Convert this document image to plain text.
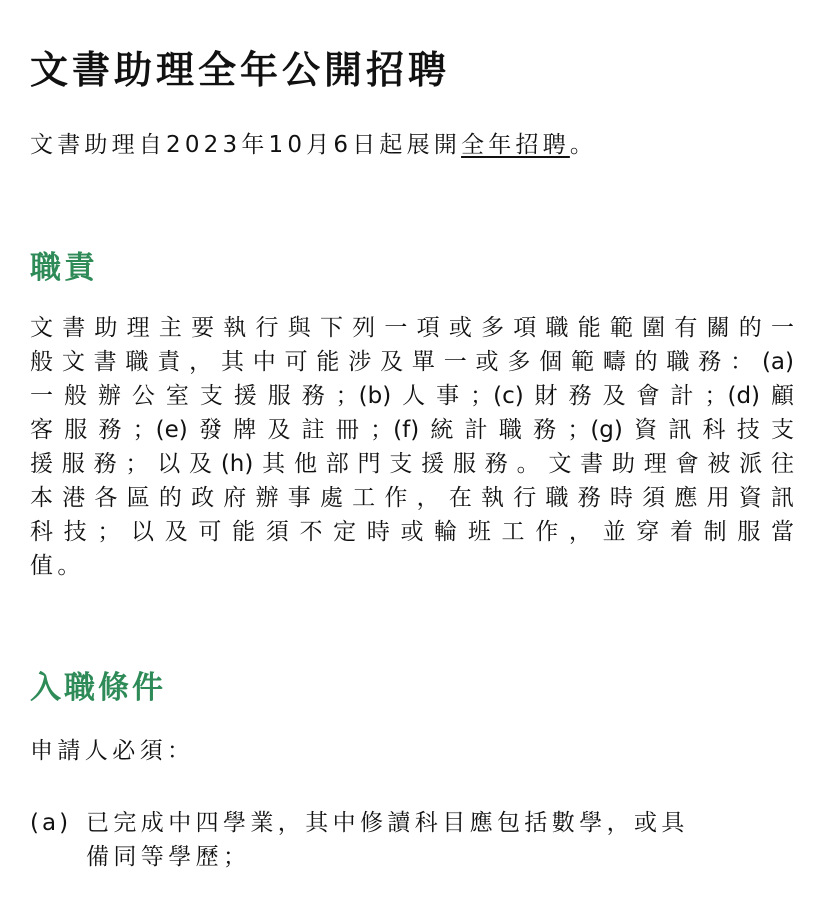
文書助理全年公開招聘

文書助理自2023年10月6日起展開全年招聘。

職責
文書助理主要執行與下列一項或多項職能範圍有關的一
般文書職責，其中可能涉及單一或多個範疇的職務：(a)
一般辦公室支援服務；(b)人事；(c)財務及會計；(d)顧
客服務；(e)發牌及註冊；(f)統計職務；(g)資訊科技支
援服務；以及(h)其他部門支援服務。文書助理會被派往
本港各區的政府辦事處工作，在執行職務時須應用資訊
科技；以及可能須不定時或輪班工作，並穿着制服當
值。
入職條件

申請人必須：

(a) 已完成中四學業，其中修讀科目應包括數學，或具
備同等學歷；
